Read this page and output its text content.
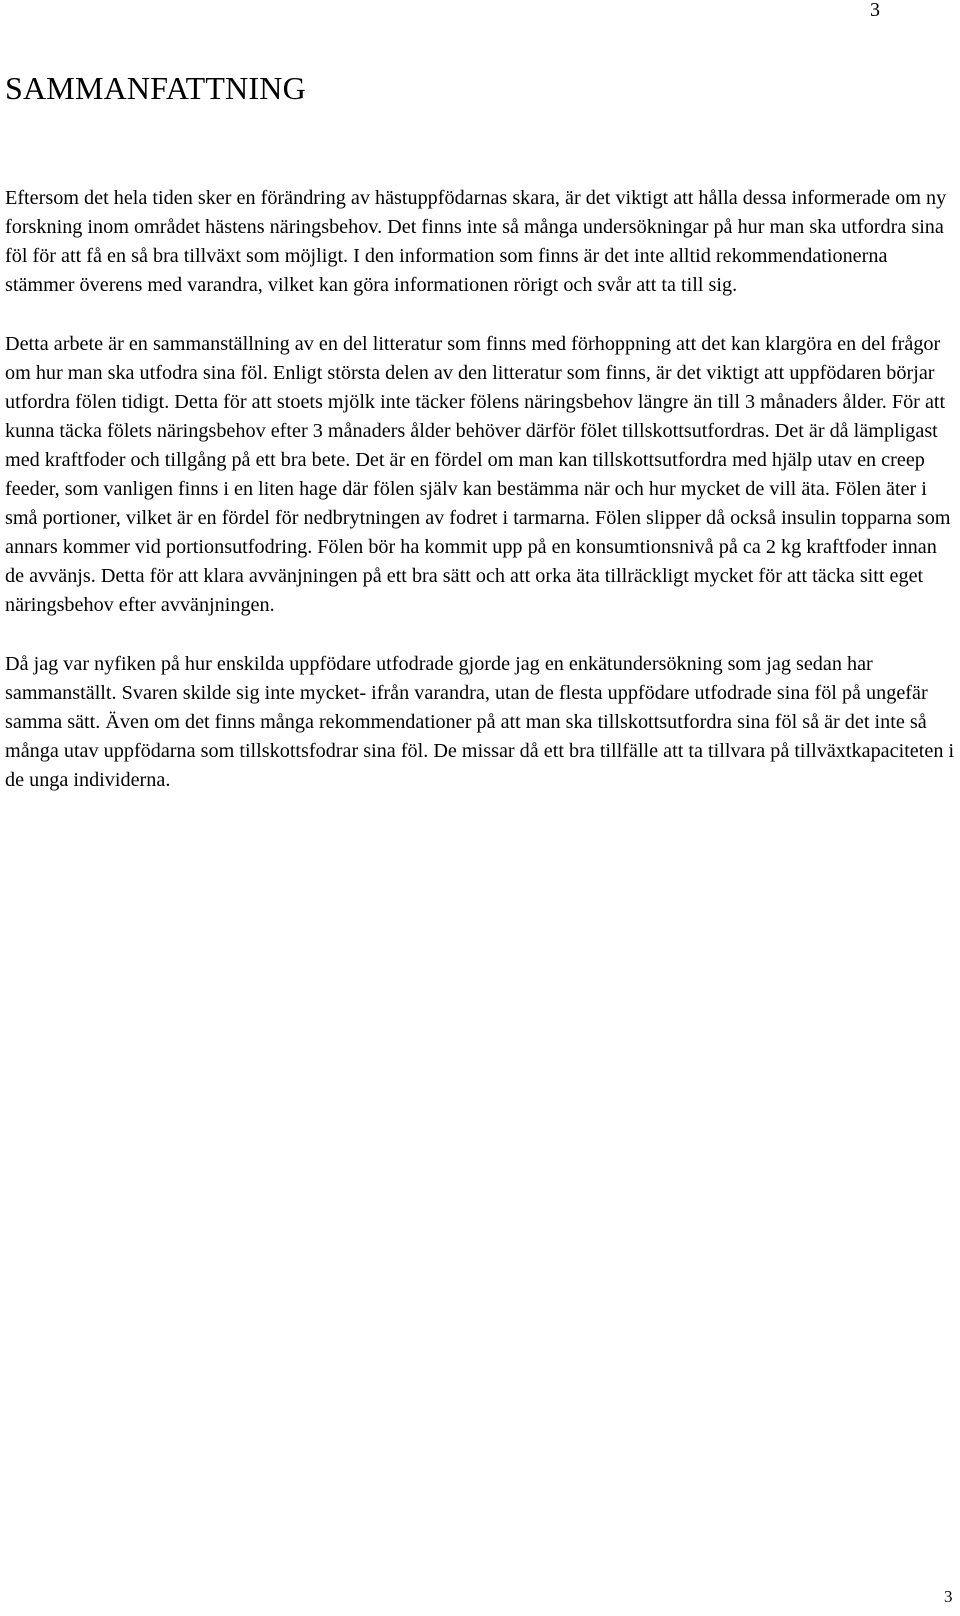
3
SAMMANFATTNING

Eftersom det hela tiden sker en förändring av hästuppfödarnas skara, är det viktigt att hålla dessa informerade om ny forskning inom området hästens näringsbehov. Det finns inte så många undersökningar på hur man ska utfordra sina föl för att få en så bra tillväxt som möjligt. I den information som finns är det inte alltid rekommendationerna stämmer överens med varandra, vilket kan göra informationen rörigt och svår att ta till sig.

Detta arbete är en sammanställning av en del litteratur som finns med förhoppning att det kan klargöra en del frågor om hur man ska utfodra sina föl. Enligt största delen av den litteratur som finns, är det viktigt att uppfödaren börjar utfordra fölen tidigt. Detta för att stoets mjölk inte täcker fölens näringsbehov längre än till 3 månaders ålder. För att kunna täcka fölets näringsbehov efter 3 månaders ålder behöver därför fölet tillskottsutfordras. Det är då lämpligast med kraftfoder och tillgång på ett bra bete. Det är en fördel om man kan tillskottsutfordra med hjälp utav en creep feeder, som vanligen finns i en liten hage där fölen själv kan bestämma när och hur mycket de vill äta. Fölen äter i små portioner, vilket är en fördel för nedbrytningen av fodret i tarmarna. Fölen slipper då också insulin topparna som annars kommer vid portionsutfodring. Fölen bör ha kommit upp på en konsumtionsnivå på ca 2 kg kraftfoder innan de avvänjs. Detta för att klara avvänjningen på ett bra sätt och att orka äta tillräckligt mycket för att täcka sitt eget näringsbehov efter avvänjningen.

Då jag var nyfiken på hur enskilda uppfödare utfodrade gjorde jag en enkätundersökning som jag sedan har sammanställt. Svaren skilde sig inte mycket- ifrån varandra, utan de flesta uppfödare utfodrade sina föl på ungefär samma sätt. Även om det finns många rekommendationer på att man ska tillskottsutfordra sina föl så är det inte så många utav uppfödarna som tillskottsfodrar sina föl. De missar då ett bra tillfälle att ta tillvara på tillväxtkapaciteten i de unga individerna.

3
